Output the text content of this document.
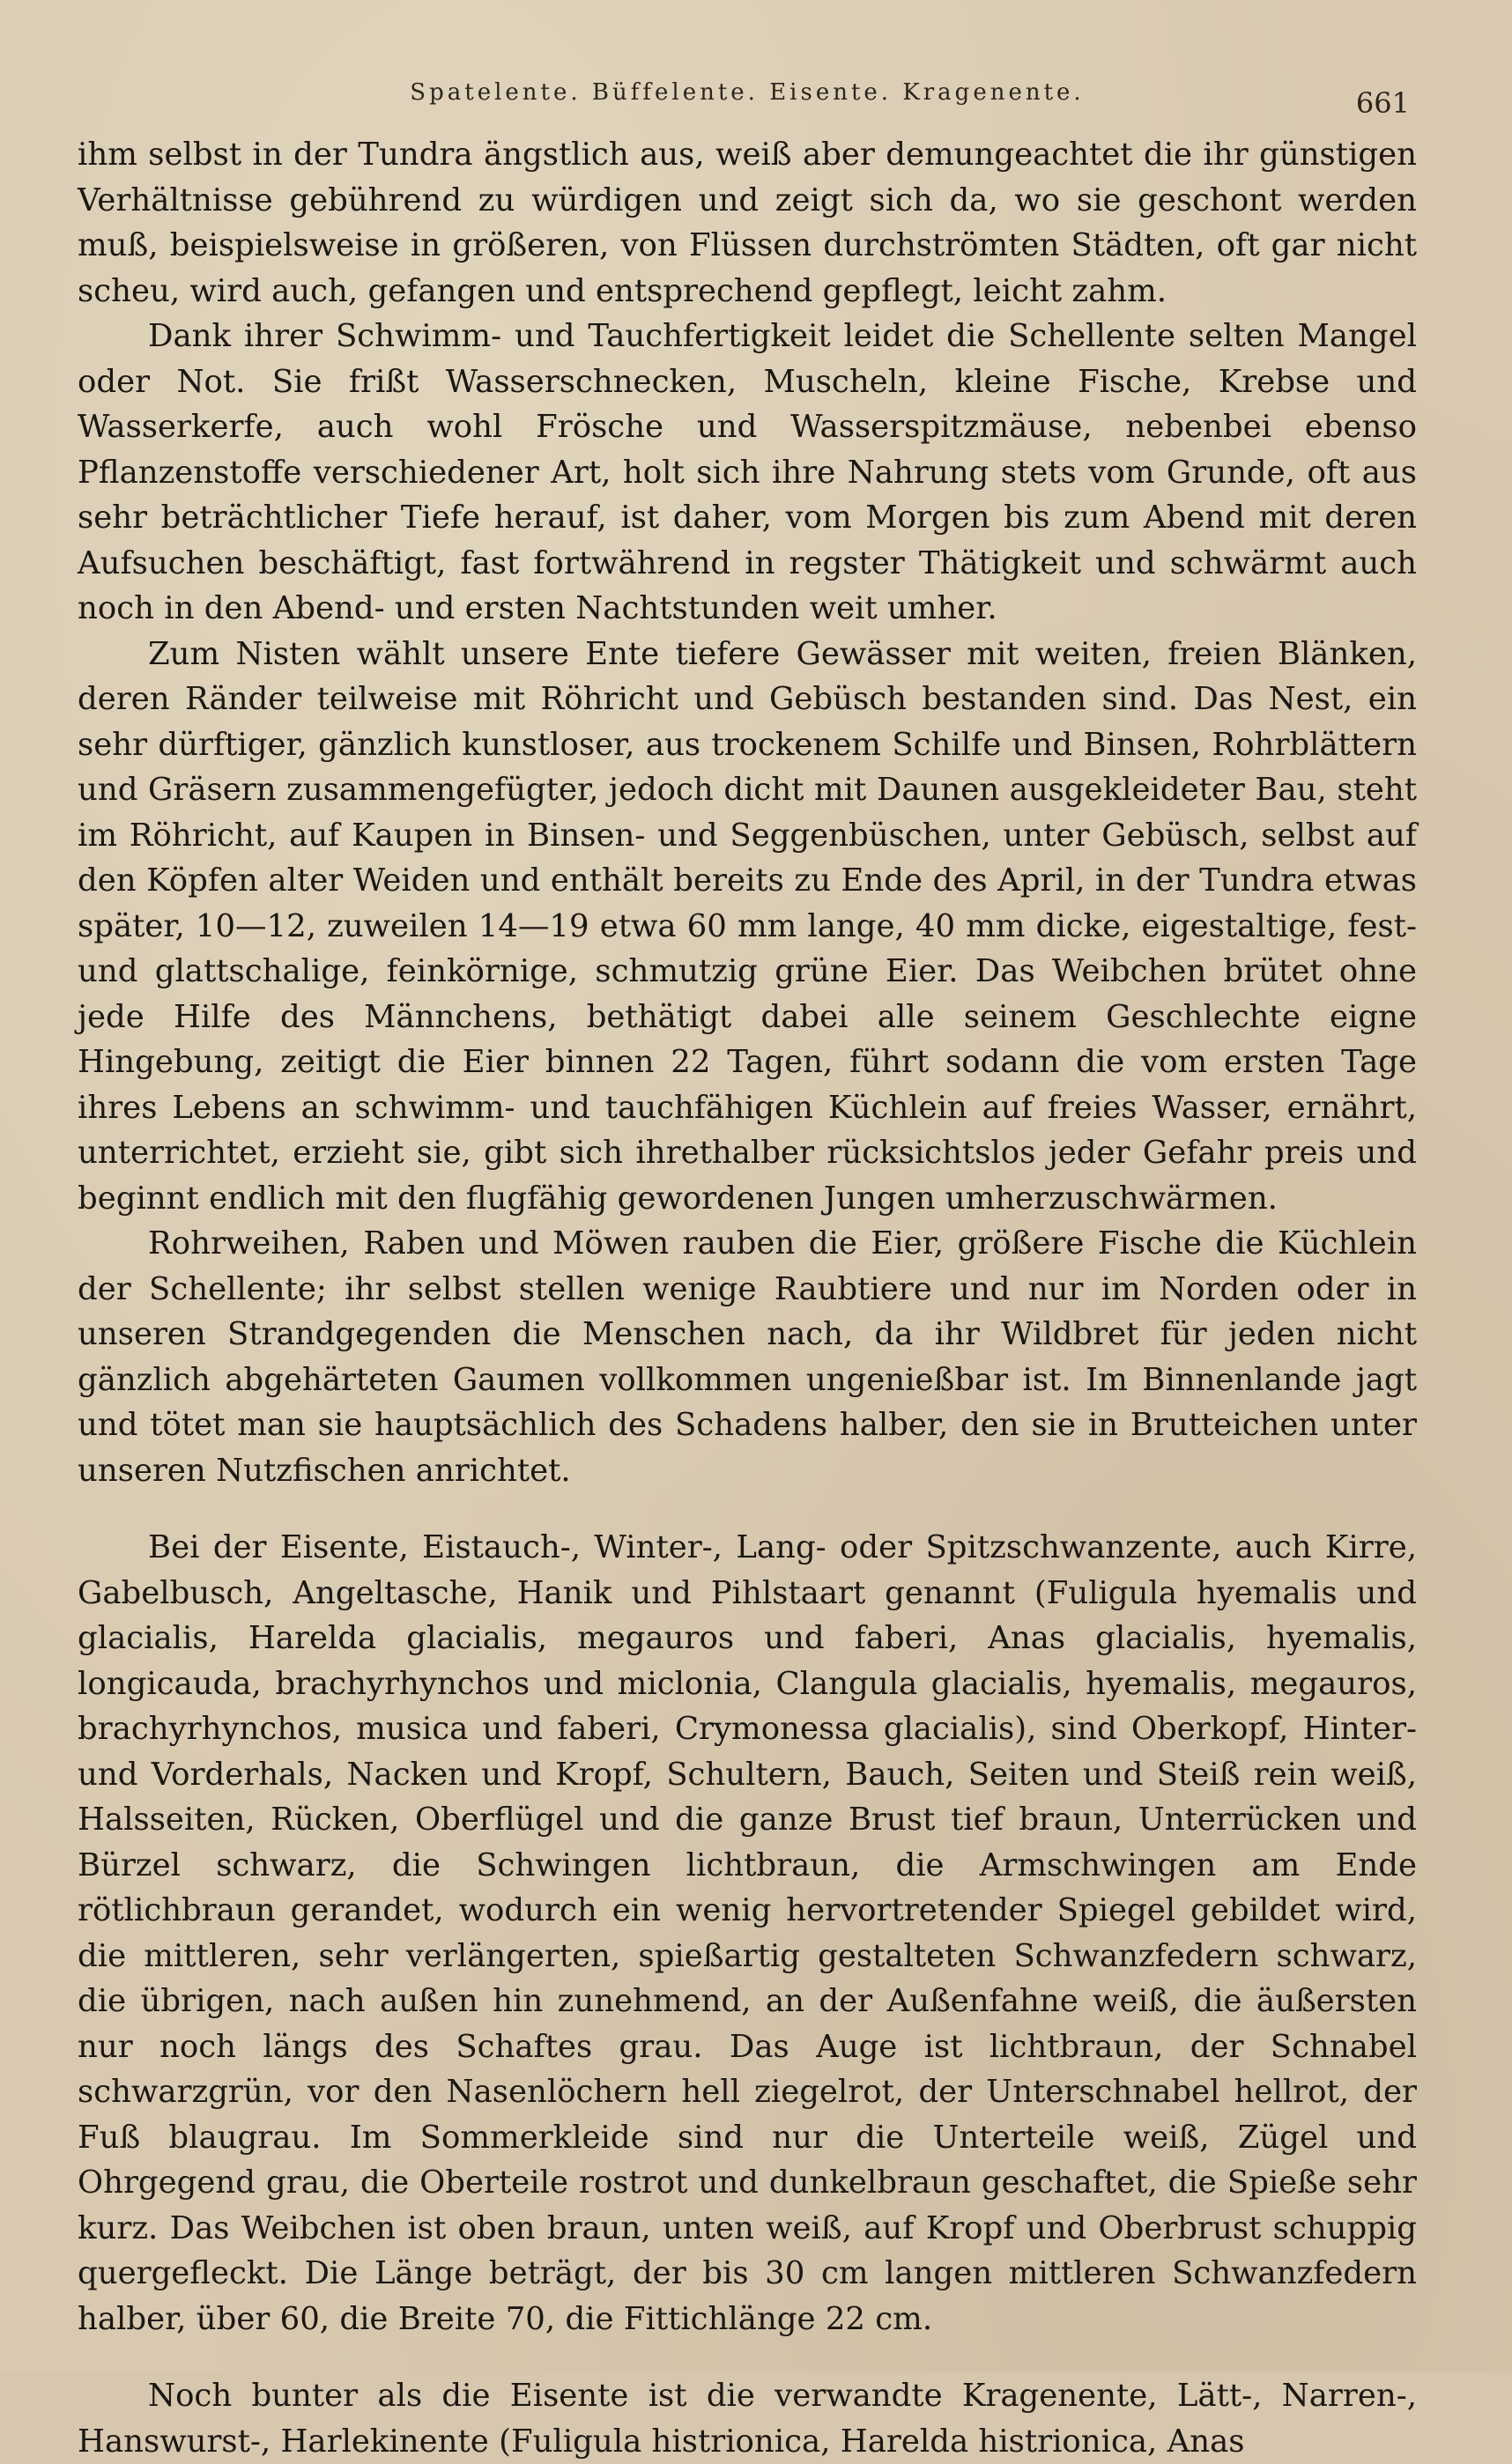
Spatelente. Büffelente. Eisente. Kragenente.	661

ihm selbst in der Tundra ängstlich aus, weiß aber demungeachtet die ihr günstigen Verhältnisse gebührend zu würdigen und zeigt sich da, wo sie geschont werden muß, beispielsweise in größeren, von Flüssen durchströmten Städten, oft gar nicht scheu, wird auch, gefangen und entsprechend gepflegt, leicht zahm.

Dank ihrer Schwimm- und Tauchfertigkeit leidet die Schellente selten Mangel oder Not. Sie frißt Wasserschnecken, Muscheln, kleine Fische, Krebse und Wasserkerfe, auch wohl Frösche und Wasserspitzmäuse, nebenbei ebenso Pflanzenstoffe verschiedener Art, holt sich ihre Nahrung stets vom Grunde, oft aus sehr beträchtlicher Tiefe herauf, ist daher, vom Morgen bis zum Abend mit deren Aufsuchen beschäftigt, fast fortwährend in regster Thätigkeit und schwärmt auch noch in den Abend- und ersten Nachtstunden weit umher.

Zum Nisten wählt unsere Ente tiefere Gewässer mit weiten, freien Blänken, deren Ränder teilweise mit Röhricht und Gebüsch bestanden sind. Das Nest, ein sehr dürftiger, gänzlich kunstloser, aus trockenem Schilfe und Binsen, Rohrblättern und Gräsern zusammengefügter, jedoch dicht mit Daunen ausgekleideter Bau, steht im Röhricht, auf Kaupen in Binsen- und Seggenbüschen, unter Gebüsch, selbst auf den Köpfen alter Weiden und enthält bereits zu Ende des April, in der Tundra etwas später, 10—12, zuweilen 14—19 etwa 60 mm lange, 40 mm dicke, eigestaltige, fest- und glattschalige, feinkörnige, schmutzig grüne Eier. Das Weibchen brütet ohne jede Hilfe des Männchens, bethätigt dabei alle seinem Geschlechte eigne Hingebung, zeitigt die Eier binnen 22 Tagen, führt sodann die vom ersten Tage ihres Lebens an schwimm- und tauchfähigen Küchlein auf freies Wasser, ernährt, unterrichtet, erzieht sie, gibt sich ihrethalber rücksichtslos jeder Gefahr preis und beginnt endlich mit den flugfähig gewordenen Jungen umherzuschwärmen.

Rohrweihen, Raben und Möwen rauben die Eier, größere Fische die Küchlein der Schellente; ihr selbst stellen wenige Raubtiere und nur im Norden oder in unseren Strandgegenden die Menschen nach, da ihr Wildbret für jeden nicht gänzlich abgehärteten Gaumen vollkommen ungenießbar ist. Im Binnenlande jagt und tötet man sie hauptsächlich des Schadens halber, den sie in Brutteichen unter unseren Nutzfischen anrichtet.

Bei der Eisente, Eistauch-, Winter-, Lang- oder Spitzschwanzente, auch Kirre, Gabelbusch, Angeltasche, Hanik und Pihlstaart genannt (Fuligula hyemalis und glacialis, Harelda glacialis, megauros und faberi, Anas glacialis, hyemalis, longicauda, brachyrhynchos und miclonia, Clangula glacialis, hyemalis, megauros, brachyrhynchos, musica und faberi, Crymonessa glacialis), sind Oberkopf, Hinter- und Vorderhals, Nacken und Kropf, Schultern, Bauch, Seiten und Steiß rein weiß, Halsseiten, Rücken, Oberflügel und die ganze Brust tief braun, Unterrücken und Bürzel schwarz, die Schwingen lichtbraun, die Armschwingen am Ende rötlichbraun gerandet, wodurch ein wenig hervortretender Spiegel gebildet wird, die mittleren, sehr verlängerten, spießartig gestalteten Schwanzfedern schwarz, die übrigen, nach außen hin zunehmend, an der Außenfahne weiß, die äußersten nur noch längs des Schaftes grau. Das Auge ist lichtbraun, der Schnabel schwarzgrün, vor den Nasenlöchern hell ziegelrot, der Unterschnabel hellrot, der Fuß blaugrau. Im Sommerkleide sind nur die Unterteile weiß, Zügel und Ohrgegend grau, die Oberteile rostrot und dunkelbraun geschaftet, die Spieße sehr kurz. Das Weibchen ist oben braun, unten weiß, auf Kropf und Oberbrust schuppig quergefleckt. Die Länge beträgt, der bis 30 cm langen mittleren Schwanzfedern halber, über 60, die Breite 70, die Fittichlänge 22 cm.

Noch bunter als die Eisente ist die verwandte Kragenente, Lätt-, Narren-, Hanswurst-, Harlekinente (Fuligula histrionica, Harelda histrionica, Anas
